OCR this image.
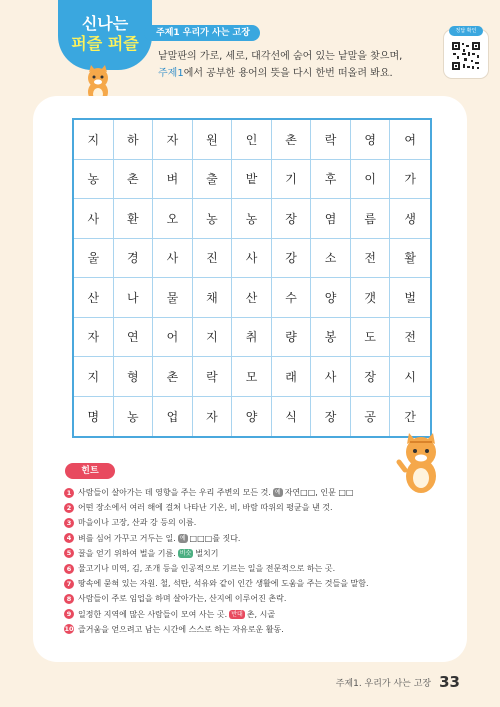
신나는
퍼즐 퍼즐
주제1 우리가 사는 고장
낱말판의 가로, 세로, 대각선에 숨어 있는 낱말을 찾으며,
주제1에서 공부한 용어의 뜻을 다시 한번 떠올려 봐요.
정답 확인
지	하	자	원	인	촌	락	영	여
농	촌	벼	출	밭	기	후	이	가
사	환	오	농	농	장	염	름	생
울	경	사	진	사	강	소	전	활
산	나	물	채	산	수	양	갯	벌
자	연	어	지	취	량	봉	도	전
지	형	촌	락	모	래	사	장	시
명	농	업	자	양	식	장	공	간
힌트
1 사람들이 살아가는 데 영향을 주는 우리 주변의 모든 것. 예 자연□□, 인문 □□
2 어떤 장소에서 여러 해에 걸쳐 나타난 기온, 비, 바람 따위의 평균을 낸 것.
3 마을이나 고장, 산과 강 등의 이름.
4 벼를 심어 가꾸고 거두는 일. 예 □□□를 짓다.
5 꿀을 얻기 위하여 벌을 기름. 비슷 벌치기
6 물고기나 미역, 김, 조개 등을 인공적으로 기르는 일을 전문적으로 하는 곳.
7 땅속에 묻혀 있는 자원. 철, 석탄, 석유와 같이 인간 생활에 도움을 주는 것들을 말함.
8 사람들이 주로 임업을 하며 살아가는, 산지에 이루어진 촌락.
9 일정한 지역에 많은 사람들이 모여 사는 곳. 반대 촌, 시골
10 즐거움을 얻으려고 남는 시간에 스스로 하는 자유로운 활동.
주제1. 우리가 사는 고장 33
